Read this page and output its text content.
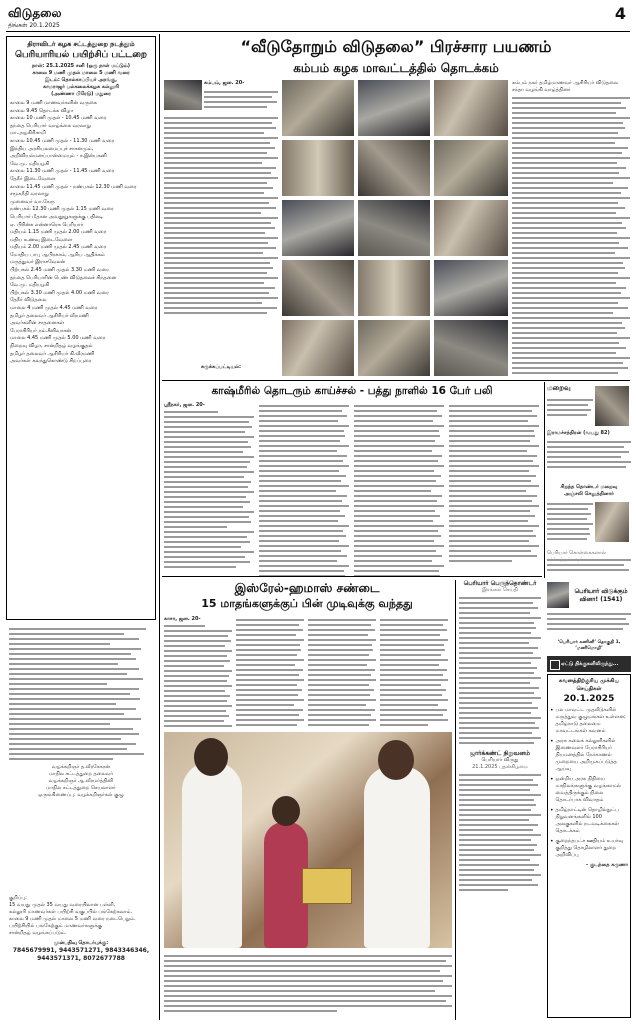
விடுதலை
திங்கள் 20.1.2025
4
திராவிடர் கழக சட்டத்துறை நடத்தும்
பெரியாரியல் பயிற்சிப் பட்டறை
நாள்: 25.1.2025 சனி (ஒரு நாள் மட்டும்)
காலை 9 மணி முதல் மாலை 5 மணி வரை
இடம்: தொல்காப்பியர் அரங்கு,
காமராஜர் பல்கலைக்கழக கல்லூரி
(அண்ணா பிரேடு) மதுரை
காலை 9 மணி மாணவர்களின் வருகை
காலை 9.45 தொடக்க விழா
காலை 10 மணி முதல் - 10.45 மணி வரை
தந்தை பெரியார் வாழ்க்கை வரலாறு
மா.அழகிரிசாமி
காலை 10.45 மணி முதல் - 11.30 மணி வரை
இந்திய அரசியலமைப்புச் சாசனமும்,
அறிவியல்மனப்பான்மையும் - ச.இன்பகனி
வே.மு. மதியழகி
காலை 11.30 மணி முதல் - 11.45 மணி வரை
தேநீர் இடைவேளை
காலை 11.45 மணி முதல் - நண்பகல் 12.30 மணி வரை
சமூகநீதி வரலாறு
முனைவர் வா.நேரு
நண்பகல் 12.30 மணி முதல் 1.15 மணி வரை
பெரியார் மீதான அவதூறுகளுக்கு பதிலடி
ஏ. பிரின்சு என்னாரெசு பெரியார்
மதியம் 1.15 மணி முதல் 2.00 மணி வரை
மதிய உணவு இடைவேளை
மதியம் 2.00 மணி முதல் 2.45 மணி வரை
மோதிய பாபு ஆபிரகாம், ஆரிய ஆதிக்கம்
மருத்துவர் இராசவேலன்
பிற்பகல் 2.45 மணி முதல் 3.30 மணி வரை
தந்தை பெரியாரின் பெண் விடுதலைச் சிந்தனை
வே.மு. மதியழகி
பிற்பகல் 3.30 மணி முதல் 4.00 மணி வரை
தேநீர் விடுதலை
மாலை 4 மணி முதல் 4.45 மணி வரை
தமிழர் தலைவர் ஆசிரியர் வீரமணி
அவர்களின் சாதனைகள்
பேராசிரியர் நம்.சீனிவாசன்
மாலை 4.45 மணி முதல் 5.00 மணி வரை
நிறைவு விழா, சான்றிதழ் வழங்குதல்
தமிழர் தலைவர் ஆசிரியர் கி.வீரமணி
அவர்கள் கலந்துகொண்டு சிறப்புரை
வழக்கறிஞர் த.வீரசேகரன்
மாநில சட்டத்துறை தலைவர்
வழக்கறிஞர் ஆ.வீரமர்த்தினி
மாநில சட்டத்துறை செயலாளர்
ஒருங்கிணைப்பு: வழக்கறிஞர்கள் குழு
குறிப்பு:
15 வயது முதல் 35 வயது வரையிலான பள்ளி,
கல்லூரி மாணவர்கள் பயிற்சி வகுப்பில் பங்கேற்கலாம்.
காலை 9 மணி முதல் மாலை 5 மணி வரை நடைபெறும்.
பயிற்சியில் பங்கேற்கும் மாணவர்களுக்கு
சான்றிதழ் வழங்கப்படும்.
முன்பதிவு தொடர்புக்கு:
7845679991, 9443571271, 9843346346, 9443571371, 8072677788
“வீடுதோறும் விடுதலை” பிரச்சார பயணம்
கம்பம் கழக மாவட்டத்தில் தொடக்கம்
கம்பம், ஜன. 20-
சுருக்கப்பட்டியல்:
கம்பம் நகர் தமிழ்மாணவர் ஆசிரியர் விடுதலை சந்தா வழங்கி வாழ்த்தினர்
காஷ்மீரில் தொடரும் காய்ச்சல் - பத்து நாளில் 16 பேர் பலி
ஸ்ரீநகர், ஜன. 20-
இஸ்ரேல்-ஹமாஸ் சண்டை
15 மாதங்களுக்குப் பின் முடிவுக்கு வந்தது
காசா, ஜன. 20-
பெரியார் பெருந்தொண்டர்
இரங்கல் செய்தி
ஜார்க்கண்ட் நிறுவனம்
பெரியார் விருது
21.1.2025 புதன்கிழமை
மறைவு
இராமச்சந்திரன் (வயது 82)
சிறந்த தொண்டர் மறைவு
அஞ்சலி செலுத்தினார்
பெரியார் கொள்கைகளால்
பெரியார் விடுக்கும் வினா! (1541)
‘பெரியார் கணினி’ தொகுதி 1, ‘மணிமொழி’
ஏட்டு திக்குகளிலிருந்து...
கவனத்திற்குரிய முக்கிய செய்திகள்
20.1.2025
• பல மாவட்ட முதலீடுகளில் மருத்துவ குழுமங்கள் உள்ளன; தமிழ்நாடு தலைமை மாவட்டங்கள் கவனம்
• அரசு கலைக் கல்லூரிகளில் இணைவளர் பேராசிரியர் நியமனத்தில் நேர்காணல் முறையை அறிமுகப்படுத்த ஆய்வு
• ஒன்றிய அரசு நிதியை மாநிலங்களுக்கு வழங்காமல் வைத்திருக்கும் நிலை தொடர்பாக விவாதம்
• தமிழ்நாட்டின் தொழில்நுட்ப நிறுவனங்களில் 100 அலகுகளில் நடவடிக்கைகள் தொடக்கம்
• குறைந்தபட்ச ஊதியம் உயர்வு குறித்து தொழிலாளர் துறை அறிவிப்பு
- குடந்தை கருணா
